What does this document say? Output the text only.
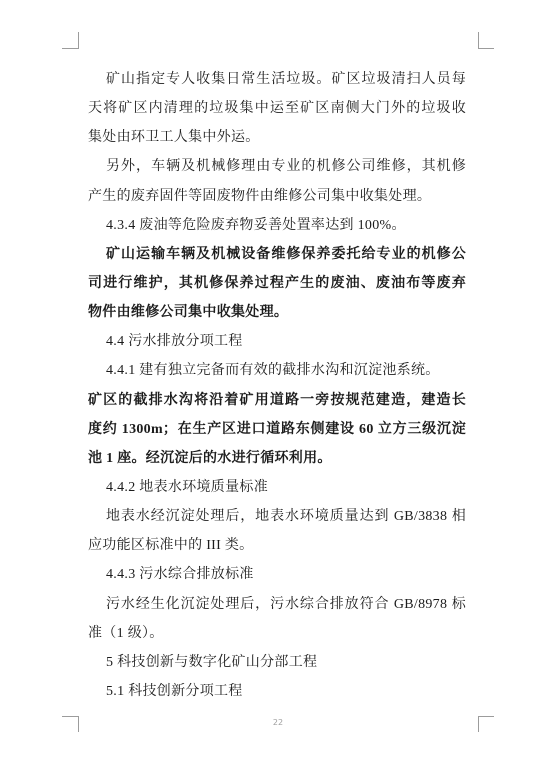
矿山指定专人收集日常生活垃圾。矿区垃圾清扫人员每
天将矿区内清理的垃圾集中运至矿区南侧大门外的垃圾收
集处由环卫工人集中外运。
另外，车辆及机械修理由专业的机修公司维修，其机修
产生的废弃固件等固废物件由维修公司集中收集处理。
4.3.4 废油等危险废弃物妥善处置率达到 100%。
矿山运输车辆及机械设备维修保养委托给专业的机修公
司进行维护，其机修保养过程产生的废油、废油布等废弃
物件由维修公司集中收集处理。
4.4 污水排放分项工程
4.4.1 建有独立完备而有效的截排水沟和沉淀池系统。
矿区的截排水沟将沿着矿用道路一旁按规范建造，建造长
度约 1300m；在生产区进口道路东侧建设 60 立方三级沉淀
池 1 座。经沉淀后的水进行循环利用。
4.4.2 地表水环境质量标准
地表水经沉淀处理后，地表水环境质量达到 GB/3838 相
应功能区标准中的 III 类。
4.4.3 污水综合排放标准
污水经生化沉淀处理后，污水综合排放符合 GB/8978 标
准（1 级）。
5 科技创新与数字化矿山分部工程
5.1 科技创新分项工程
22
